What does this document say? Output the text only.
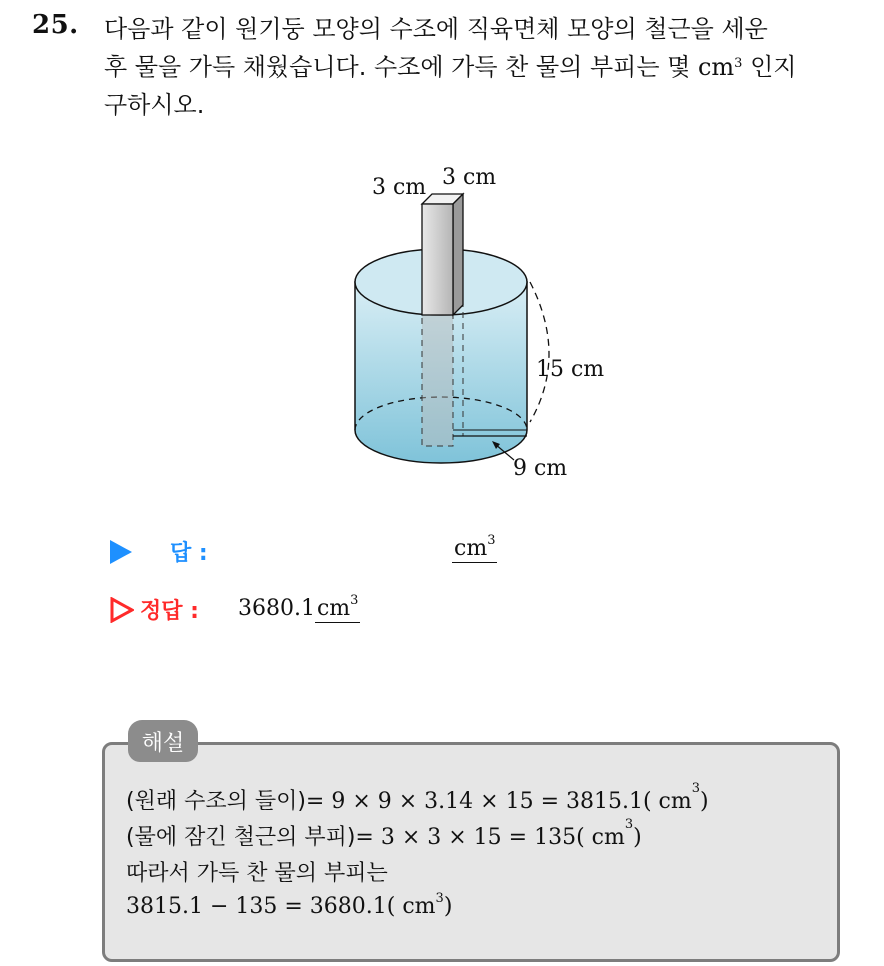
25. 다음과 같이 원기둥 모양의 수조에 직육면체 모양의 철근을 세운
후 물을 가득 채웠습니다. 수조에 가득 찬 물의 부피는 몇 $cm^3$ 인지
구하시오.
3 cm 3 cm
15 cm
9 cm
답 :	$cm^3$
정답 : $3680.1cm^3$
해설
(원래 수조의 들이)= 9 × 9 × 3.14 × 15 = 3815.1( $cm^3$)
(물에 잠긴 철근의 부피)= 3 × 3 × 15 = 135( $cm^3$)
따라서 가득 찬 물의 부피는
3815.1 − 135 = 3680.1( $cm^3$)
